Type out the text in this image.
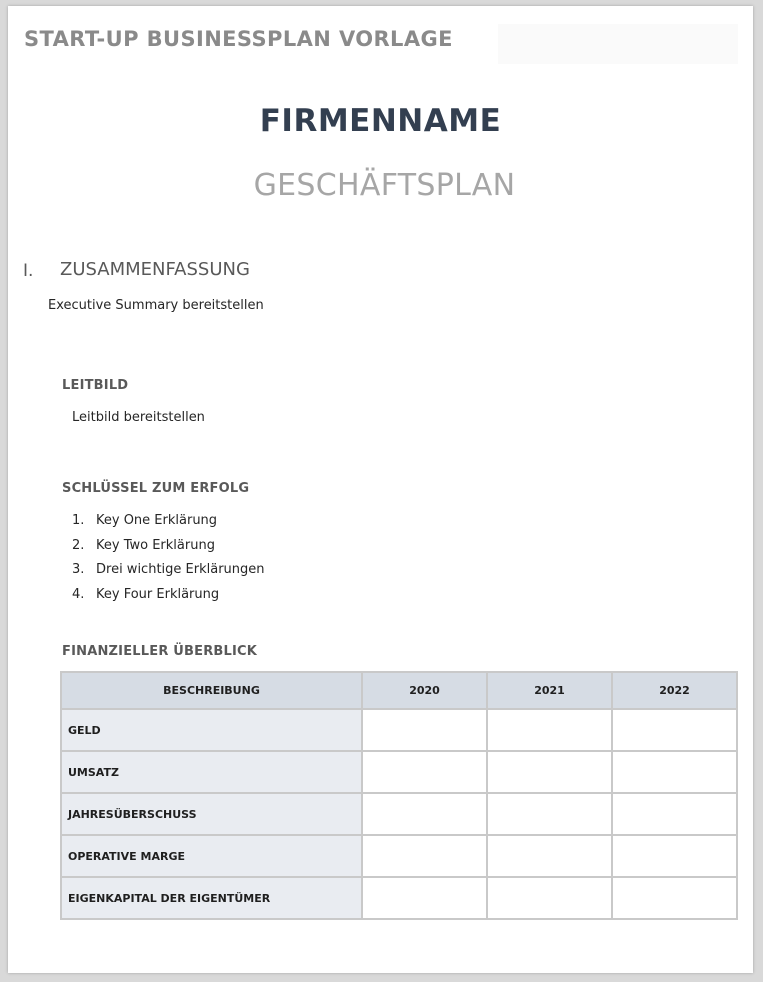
START-UP BUSINESSPLAN VORLAGE
FIRMENNAME
GESCHÄFTSPLAN
I. ZUSAMMENFASSUNG
Executive Summary bereitstellen
LEITBILD
Leitbild bereitstellen
SCHLÜSSEL ZUM ERFOLG
1. Key One Erklärung
2. Key Two Erklärung
3. Drei wichtige Erklärungen
4. Key Four Erklärung
FINANZIELLER ÜBERBLICK
BESCHREIBUNG	2020	2021	2022
GELD			
UMSATZ			
JAHRESÜBERSCHUSS			
OPERATIVE MARGE			
EIGENKAPITAL DER EIGENTÜMER			
